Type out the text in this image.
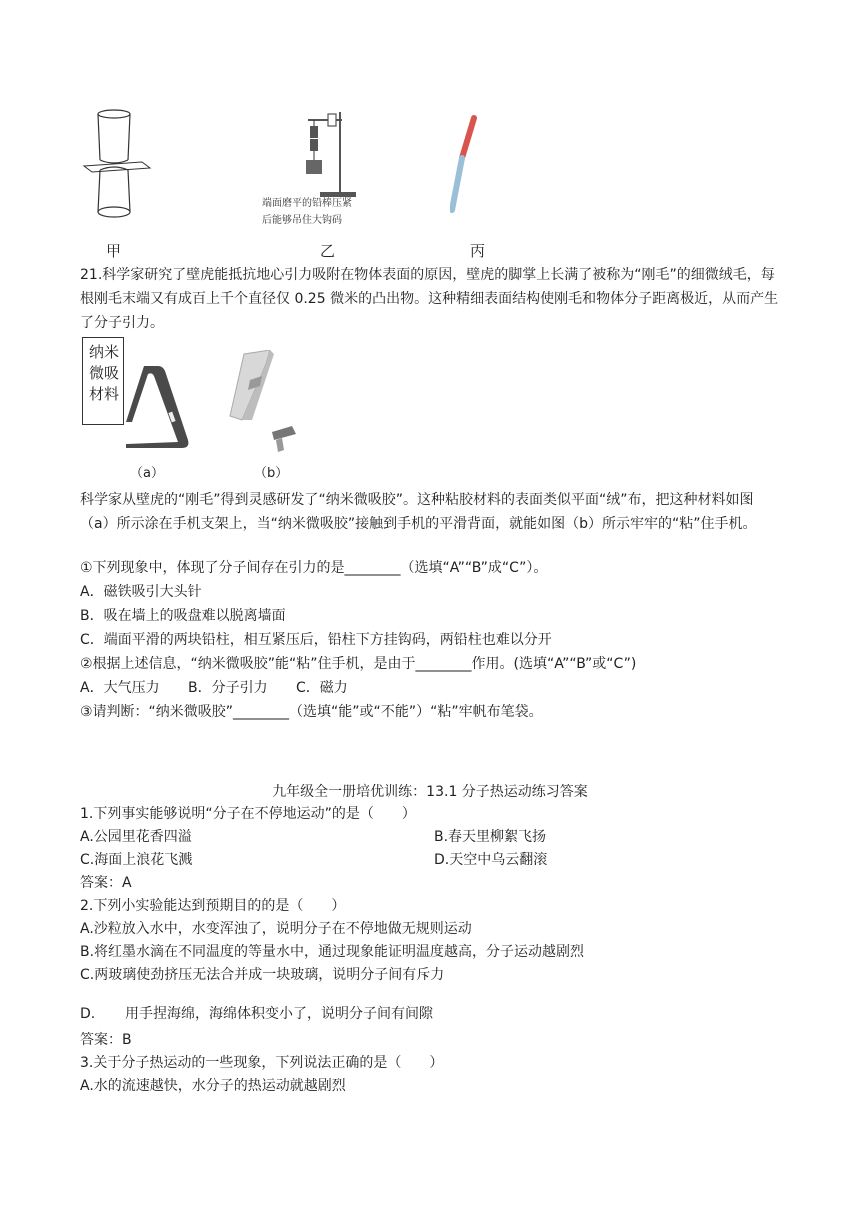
端面磨平的铅棒压紧
后能够吊住大钩码
甲	乙	丙
21.科学家研究了壁虎能抵抗地心引力吸附在物体表面的原因，壁虎的脚掌上长满了被称为“刚毛”的细微绒毛，每根刚毛末端又有成百上千个直径仅 0.25 微米的凸出物。这种精细表面结构使刚毛和物体分子距离极近，从而产生了分子引力。
纳米
微吸
材料
（a）	（b）
科学家从壁虎的“刚毛”得到灵感研发了“纳米微吸胶”。这种粘胶材料的表面类似平面“绒”布，把这种材料如图（a）所示涂在手机支架上，当“纳米微吸胶”接触到手机的平滑背面，就能如图（b）所示牢牢的“粘”住手机。
①下列现象中，体现了分子间存在引力的是________（选填“A”“B”成“C”）。
A．磁铁吸引大头针
B．吸在墙上的吸盘难以脱离墙面
C．端面平滑的两块铅柱，相互紧压后，铅柱下方挂钩码，两铅柱也难以分开
②根据上述信息，“纳米微吸胶”能“粘”住手机，是由于________作用。(选填“A”“B”或“C”)
A．大气压力 B．分子引力 C．磁力
③请判断：“纳米微吸胶”________（选填“能”或“不能”）“粘”牢帆布笔袋。
九年级全一册培优训练：13.1 分子热运动练习答案
1.下列事实能够说明“分子在不停地运动”的是（　　）
A.公园里花香四溢	B.春天里柳絮飞扬
C.海面上浪花飞溅	D.天空中乌云翻滚
答案：A
2.下列小实验能达到预期目的的是（　　）
A.沙粒放入水中，水变浑浊了，说明分子在不停地做无规则运动
B.将红墨水滴在不同温度的等量水中，通过现象能证明温度越高，分子运动越剧烈
C.两玻璃使劲挤压无法合并成一块玻璃，说明分子间有斥力
D. 用手捏海绵，海绵体积变小了，说明分子间有间隙
答案：B
3.关于分子热运动的一些现象，下列说法正确的是（　　）
A.水的流速越快，水分子的热运动就越剧烈
